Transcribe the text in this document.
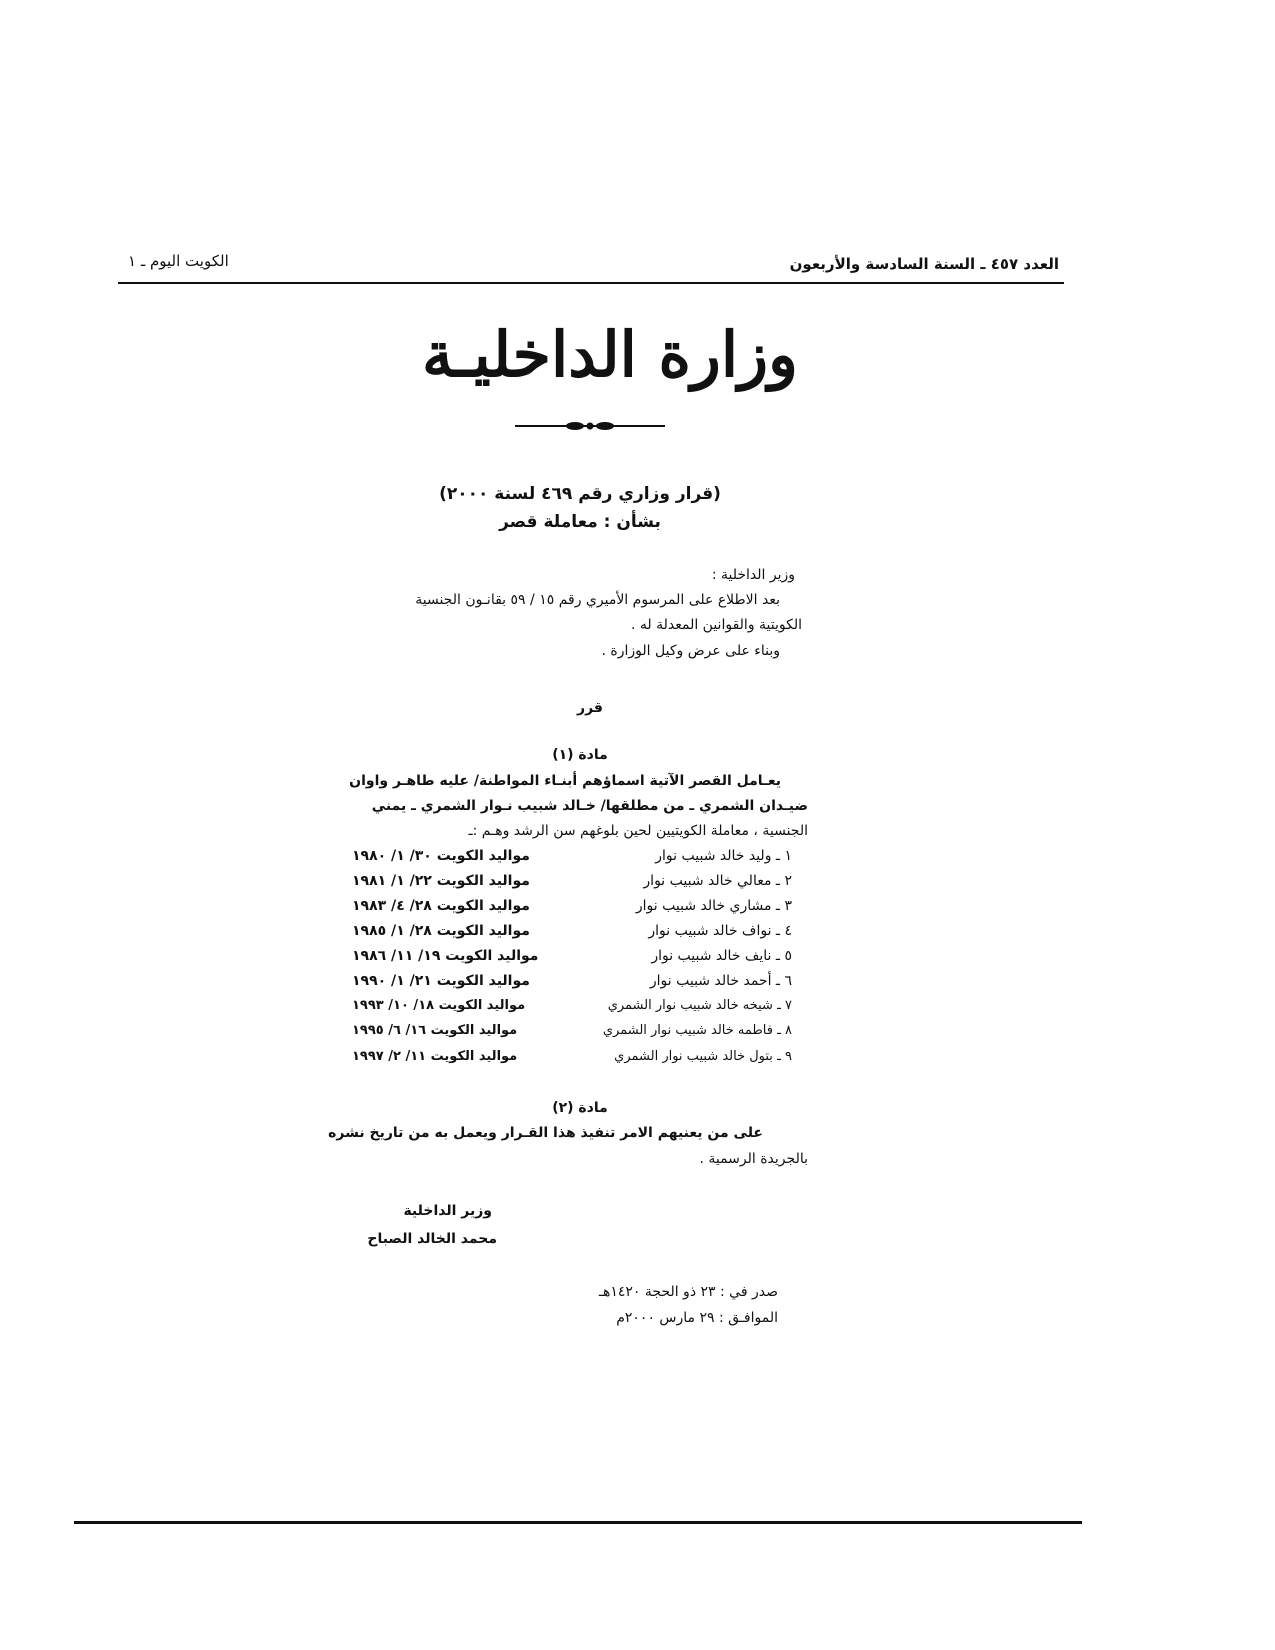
العدد ٤٥٧ ـ السنة السادسة والأربعون
الكويت اليوم ـ ١
وزارة الداخليـة
(قرار وزاري رقم ٤٦٩ لسنة ٢٠٠٠)
بشأن : معاملة قصر
وزير الداخلية :
بعد الاطلاع على المرسوم الأميري رقم ١٥ / ٥٩ بقانـون الجنسية
الكويتية والقوانين المعدلة له .
وبناء على عرض وكيل الوزارة .
قرر
مادة (١)
يعـامل القصر الآتية اسماؤهم أبنـاء المواطنة/ عليه طاهـر واوان
ضيـدان الشمري ـ من مطلقها/ خـالد شبيب نـوار الشمري ـ يمني
الجنسية ، معاملة الكويتيين لحين بلوغهم سن الرشد وهـم :ـ
١ ـ وليد خالد شبيب نوار
مواليد الكويت ٣٠/ ١/ ١٩٨٠
٢ ـ معالي خالد شبيب نوار
مواليد الكويت ٢٢/ ١/ ١٩٨١
٣ ـ مشاري خالد شبيب نوار
مواليد الكويت ٢٨/ ٤/ ١٩٨٣
٤ ـ نواف خالد شبيب نوار
مواليد الكويت ٢٨/ ١/ ١٩٨٥
٥ ـ نايف خالد شبيب نوار
مواليد الكويت ١٩/ ١١/ ١٩٨٦
٦ ـ أحمد خالد شبيب نوار
مواليد الكويت ٢١/ ١/ ١٩٩٠
٧ ـ شيخه خالد شبيب نوار الشمري
مواليد الكويت ١٨/ ١٠/ ١٩٩٣
٨ ـ فاطمه خالد شبيب نوار الشمري
مواليد الكويت ١٦/ ٦/ ١٩٩٥
٩ ـ بتول خالد شبيب نوار الشمري
مواليد الكويت ١١/ ٢/ ١٩٩٧
مادة (٢)
على من يعنيهم الامر تنفيذ هذا القـرار ويعمل به من تاريخ نشره
بالجريدة الرسمية .
وزير الداخلية
محمد الخالد الصباح
صدر في : ٢٣ ذو الحجة ١٤٢٠هـ
الموافـق : ٢٩ مارس ٢٠٠٠م
